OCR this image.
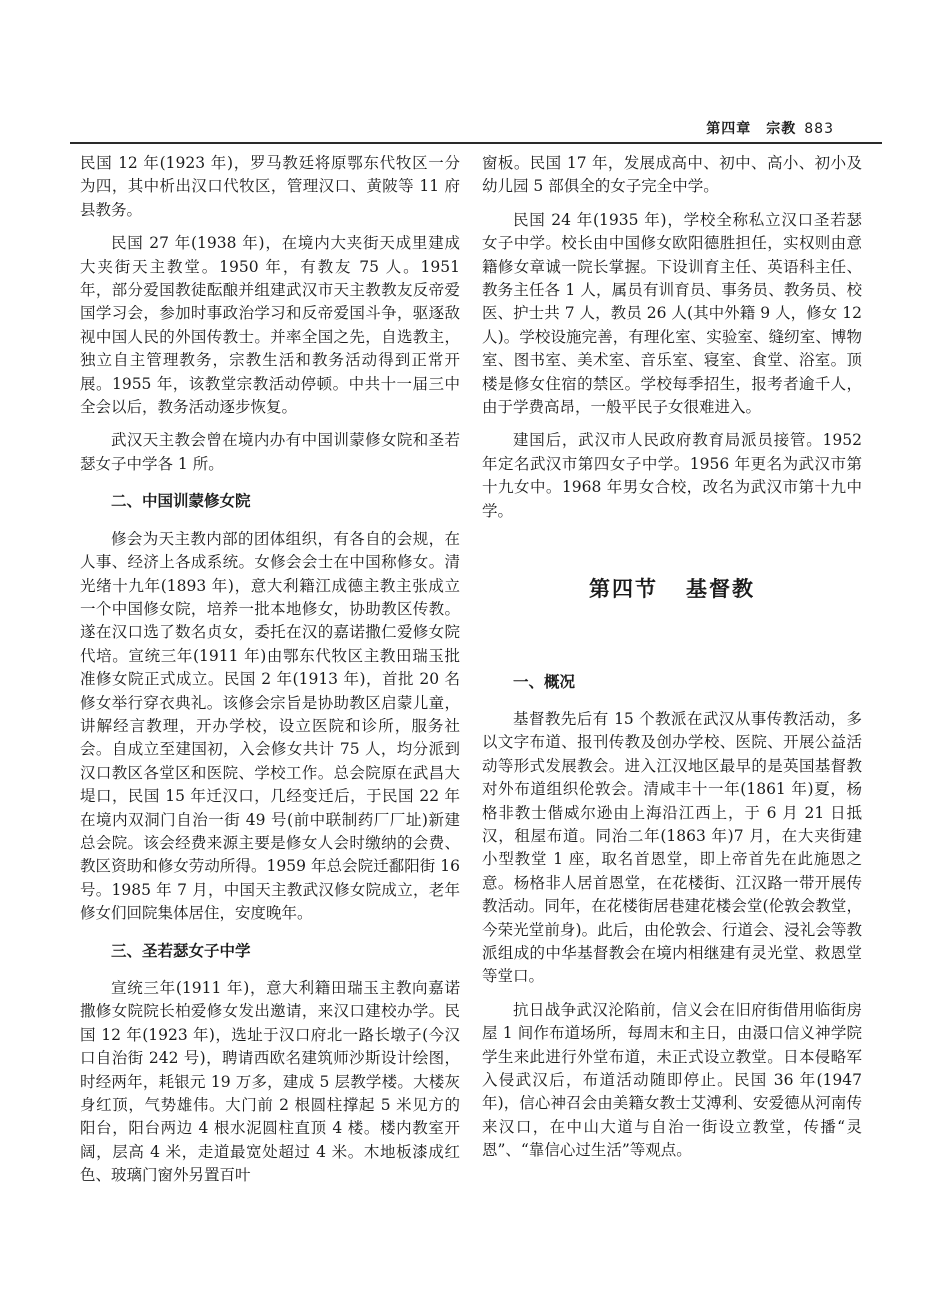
第四章　宗教 883

民国 12 年(1923 年)，罗马教廷将原鄂东代牧区一分为四，其中析出汉口代牧区，管理汉口、黄陂等 11 府县教务。

民国 27 年(1938 年)，在境内大夹街天成里建成大夹街天主教堂。1950 年，有教友 75 人。1951 年，部分爱国教徒酝酿并组建武汉市天主教教友反帝爱国学习会，参加时事政治学习和反帝爱国斗争，驱逐敌视中国人民的外国传教士。并率全国之先，自选教主，独立自主管理教务，宗教生活和教务活动得到正常开展。1955 年，该教堂宗教活动停顿。中共十一届三中全会以后，教务活动逐步恢复。

武汉天主教会曾在境内办有中国训蒙修女院和圣若瑟女子中学各 1 所。

二、中国训蒙修女院

修会为天主教内部的团体组织，有各自的会规，在人事、经济上各成系统。女修会会士在中国称修女。清光绪十九年(1893 年)，意大利籍江成德主教主张成立一个中国修女院，培养一批本地修女，协助教区传教。遂在汉口选了数名贞女，委托在汉的嘉诺撒仁爱修女院代培。宣统三年(1911 年)由鄂东代牧区主教田瑞玉批准修女院正式成立。民国 2 年(1913 年)，首批 20 名修女举行穿衣典礼。该修会宗旨是协助教区启蒙儿童，讲解经言教理，开办学校，设立医院和诊所，服务社会。自成立至建国初，入会修女共计 75 人，均分派到汉口教区各堂区和医院、学校工作。总会院原在武昌大堤口，民国 15 年迁汉口，几经变迁后，于民国 22 年在境内双洞门自治一街 49 号(前中联制药厂厂址)新建总会院。该会经费来源主要是修女人会时缴纳的会费、教区资助和修女劳动所得。1959 年总会院迁鄱阳街 16 号。1985 年 7 月，中国天主教武汉修女院成立，老年修女们回院集体居住，安度晚年。

三、圣若瑟女子中学

宣统三年(1911 年)，意大利籍田瑞玉主教向嘉诺撒修女院院长柏爱修女发出邀请，来汉口建校办学。民国 12 年(1923 年)，选址于汉口府北一路长墩子(今汉口自治街 242 号)，聘请西欧名建筑师沙斯设计绘图，时经两年，耗银元 19 万多，建成 5 层教学楼。大楼灰身红顶，气势雄伟。大门前 2 根圆柱撑起 5 米见方的阳台，阳台两边 4 根水泥圆柱直顶 4 楼。楼内教室开阔，层高 4 米，走道最宽处超过 4 米。木地板漆成红色、玻璃门窗外另置百叶

窗板。民国 17 年，发展成高中、初中、高小、初小及幼儿园 5 部俱全的女子完全中学。

民国 24 年(1935 年)，学校全称私立汉口圣若瑟女子中学。校长由中国修女欧阳德胜担任，实权则由意籍修女章诚一院长掌握。下设训育主任、英语科主任、教务主任各 1 人，属员有训育员、事务员、教务员、校医、护士共 7 人，教员 26 人(其中外籍 9 人，修女 12 人)。学校设施完善，有理化室、实验室、缝纫室、博物室、图书室、美术室、音乐室、寝室、食堂、浴室。顶楼是修女住宿的禁区。学校每季招生，报考者逾千人，由于学费高昂，一般平民子女很难进入。

建国后，武汉市人民政府教育局派员接管。1952 年定名武汉市第四女子中学。1956 年更名为武汉市第十九女中。1968 年男女合校，改名为武汉市第十九中学。

第四节 基督教
一、概况

基督教先后有 15 个教派在武汉从事传教活动，多以文字布道、报刊传教及创办学校、医院、开展公益活动等形式发展教会。进入江汉地区最早的是英国基督教对外布道组织伦敦会。清咸丰十一年(1861 年)夏，杨格非教士偕威尔逊由上海沿江西上，于 6 月 21 日抵汉，租屋布道。同治二年(1863 年)7 月，在大夹街建小型教堂 1 座，取名首恩堂，即上帝首先在此施恩之意。杨格非人居首恩堂，在花楼街、江汉路一带开展传教活动。同年，在花楼街居巷建花楼会堂(伦敦会教堂，今荣光堂前身)。此后，由伦敦会、行道会、浸礼会等教派组成的中华基督教会在境内相继建有灵光堂、救恩堂等堂口。

抗日战争武汉沦陷前，信义会在旧府街借用临街房屋 1 间作布道场所，每周末和主日，由滠口信义神学院学生来此进行外堂布道，未正式设立教堂。日本侵略军入侵武汉后，布道活动随即停止。民国 36 年(1947 年)，信心神召会由美籍女教士艾溥利、安爱德从河南传来汉口，在中山大道与自治一街设立教堂，传播“灵恩”、“靠信心过生活”等观点。
